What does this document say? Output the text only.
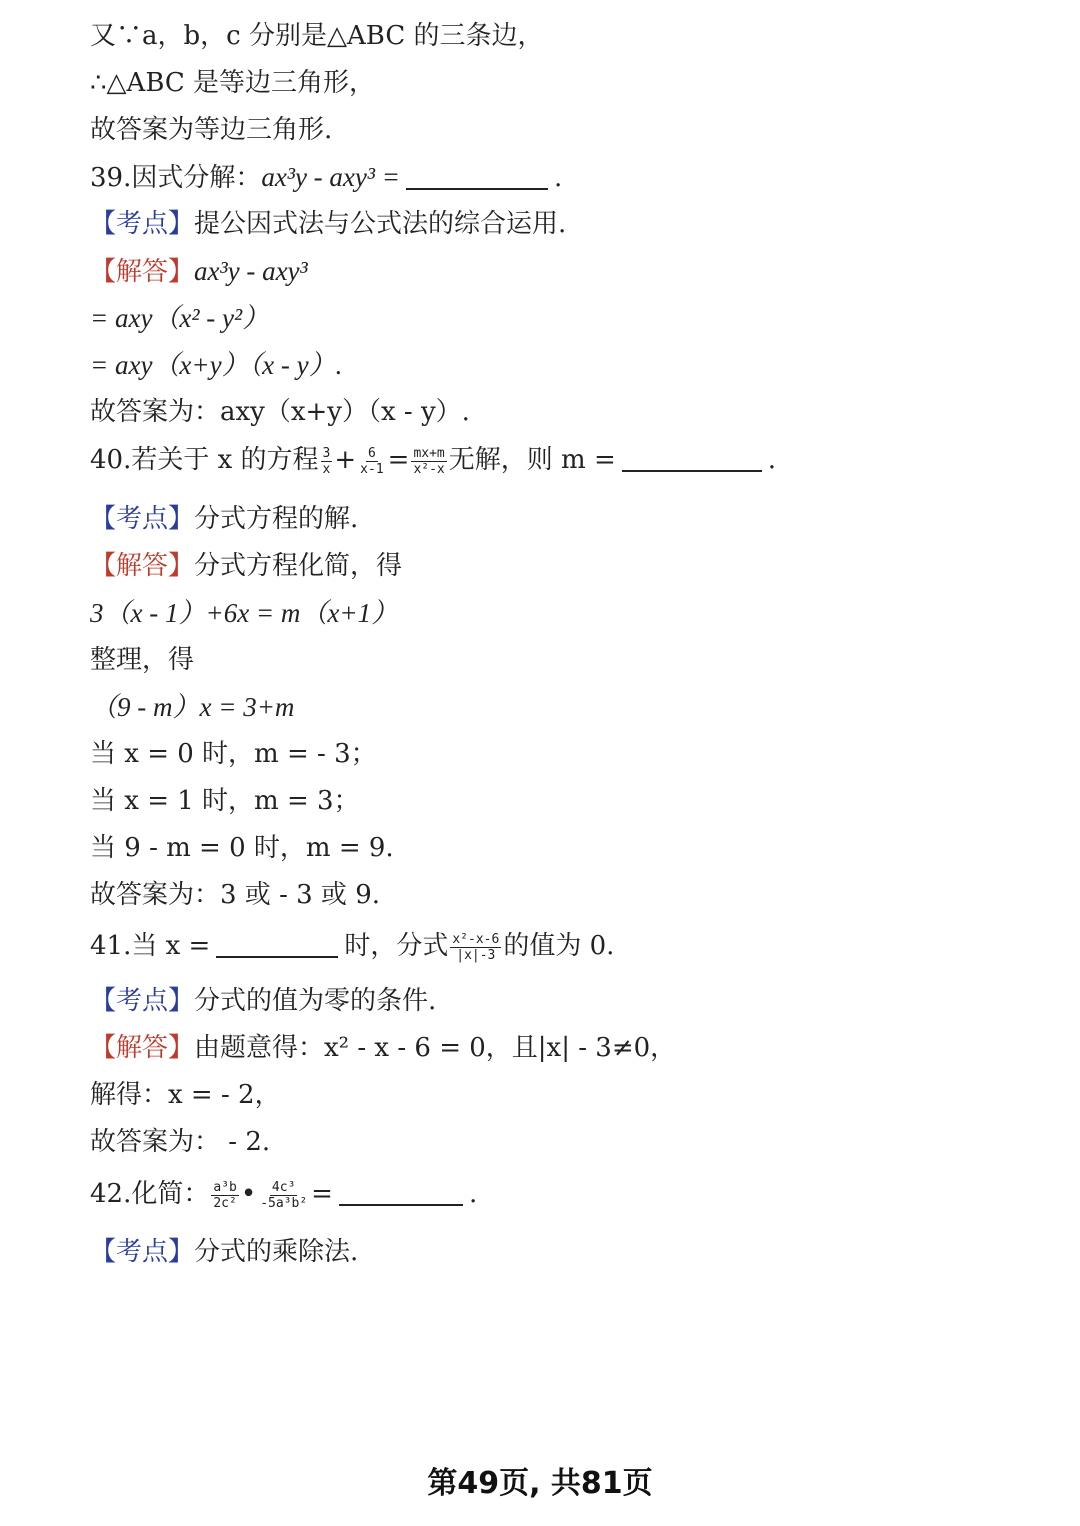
又∵a，b，c 分别是△ABC 的三条边，
∴△ABC 是等边三角形，
故答案为等边三角形.
39.因式分解：ax³y - axy³ =	.
【考点】提公因式法与公式法的综合运用.
【解答】ax³y - axy³
= axy（x² - y²）
= axy（x+y）（x - y）.
故答案为：axy（x+y）（x - y）.
40.若关于 x 的方程 $\frac{3}{x} + \frac{6}{x-1} = \frac{mx+m}{\text{x²-x}}$ 无解，则 m =	.
【考点】分式方程的解.
【解答】分式方程化简，得
3（x - 1）+6x = m（x+1）
整理，得
（9 - m）x = 3+m
当 x = 0 时，m = - 3；
当 x = 1 时，m = 3；
当 9 - m = 0 时，m = 9.
故答案为：3 或 - 3 或 9.
41.当 x =	时，分式 $\frac{\text{x²-x-6}}{|x|-3}$ 的值为 0.
【考点】分式的值为零的条件.
【解答】由题意得：x² - x - 6 = 0，且|x| - 3≠0，
解得：x = - 2，
故答案为： - 2.
42.化简： $\frac{\text{a³b}}{\text{2c²}}$ • $\frac{\text{4c³}}{\text{-5a³b²}}$ =	.
【考点】分式的乘除法.
第49页, 共81页
